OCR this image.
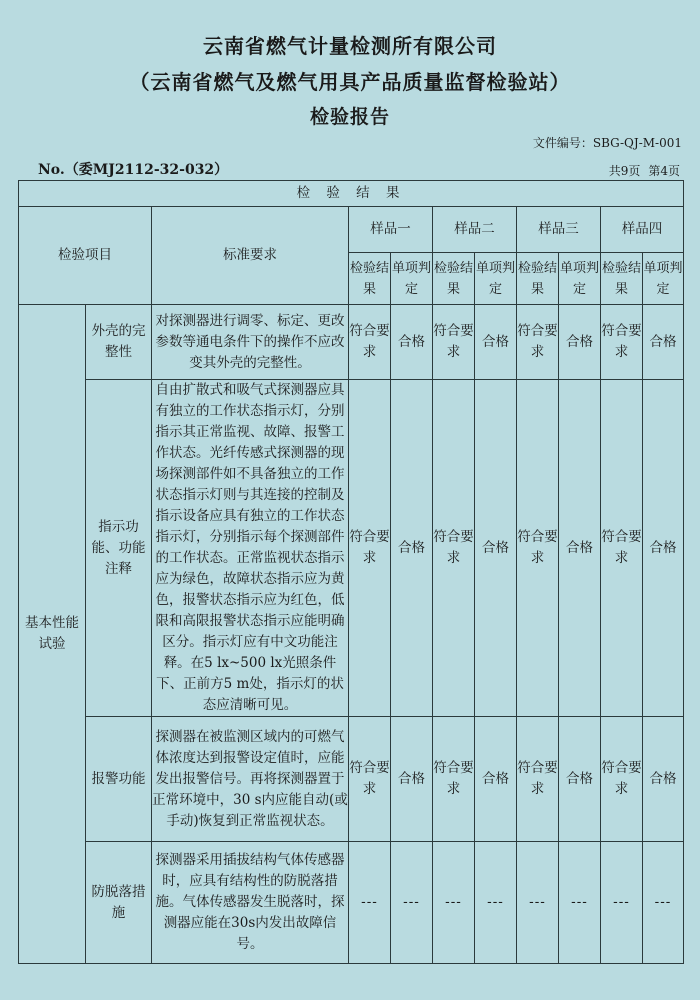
云南省燃气计量检测所有限公司
（云南省燃气及燃气用具产品质量监督检验站）
检验报告
文件编号：SBG-QJ-M-001
No.（委MJ2112-32-032）	共9页 第4页
检 验 结 果										
检验项目		标准要求	样品一		样品二		样品三		样品四	
			检验结果	单项判定	检验结果	单项判定	检验结果	单项判定	检验结果	单项判定
基本性能试验	外壳的完整性	对探测器进行调零、标定、更改参数等通电条件下的操作不应改变其外壳的完整性。	符合要求	合格	符合要求	合格	符合要求	合格	符合要求	合格
	指示功能、功能注释	自由扩散式和吸气式探测器应具有独立的工作状态指示灯，分别指示其正常监视、故障、报警工作状态。光纤传感式探测器的现场探测部件如不具备独立的工作状态指示灯则与其连接的控制及指示设备应具有独立的工作状态指示灯，分别指示每个探测部件的工作状态。正常监视状态指示应为绿色，故障状态指示应为黄色，报警状态指示应为红色，低限和高限报警状态指示应能明确区分。指示灯应有中文功能注释。在5 lx~500 lx光照条件下、正前方5 m处，指示灯的状态应清晰可见。	符合要求	合格	符合要求	合格	符合要求	合格	符合要求	合格
	报警功能	探测器在被监测区域内的可燃气体浓度达到报警设定值时，应能发出报警信号。再将探测器置于正常环境中，30 s内应能自动(或手动)恢复到正常监视状态。	符合要求	合格	符合要求	合格	符合要求	合格	符合要求	合格
	防脱落措施	探测器采用插拔结构气体传感器时，应具有结构性的防脱落措施。气体传感器发生脱落时，探测器应能在30s内发出故障信号。	---	---	---	---	---	---	---	---
